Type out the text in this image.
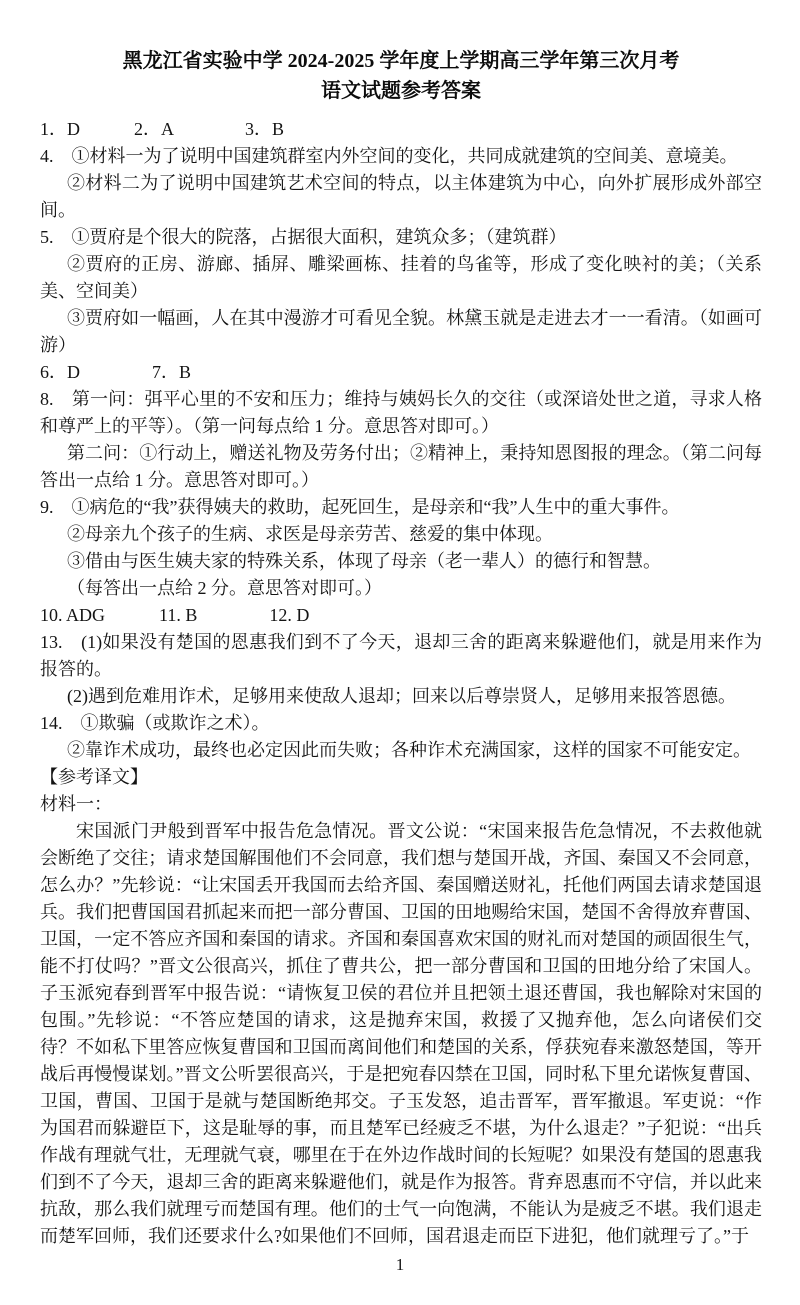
黑龙江省实验中学 2024-2025 学年度上学期高三学年第三次月考
语文试题参考答案

1．D　　　2．A　　　　3．B

4.　①材料一为了说明中国建筑群室内外空间的变化，共同成就建筑的空间美、意境美。

②材料二为了说明中国建筑艺术空间的特点，以主体建筑为中心，向外扩展形成外部空间。

5.　①贾府是个很大的院落，占据很大面积，建筑众多；（建筑群）

②贾府的正房、游廊、插屏、雕梁画栋、挂着的鸟雀等，形成了变化映衬的美；（关系美、空间美）

③贾府如一幅画，人在其中漫游才可看见全貌。林黛玉就是走进去才一一看清。（如画可游）

6．D　　　　7．B

8.　第一问：弭平心里的不安和压力；维持与姨妈长久的交往（或深谙处世之道，寻求人格和尊严上的平等）。（第一问每点给 1 分。意思答对即可。）

第二问：①行动上，赠送礼物及劳务付出；②精神上，秉持知恩图报的理念。（第二问每答出一点给 1 分。意思答对即可。）

9.　①病危的“我”获得姨夫的救助，起死回生，是母亲和“我”人生中的重大事件。

②母亲九个孩子的生病、求医是母亲劳苦、慈爱的集中体现。

③借由与医生姨夫家的特殊关系，体现了母亲（老一辈人）的德行和智慧。

（每答出一点给 2 分。意思答对即可。）

10. ADG　　　11. B　　　　12. D

13.　(1)如果没有楚国的恩惠我们到不了今天，退却三舍的距离来躲避他们，就是用来作为报答的。

(2)遇到危难用诈术，足够用来使敌人退却；回来以后尊崇贤人，足够用来报答恩德。

14.　①欺骗（或欺诈之术）。

②靠诈术成功，最终也必定因此而失败；各种诈术充满国家，这样的国家不可能安定。

【参考译文】

材料一：

宋国派门尹般到晋军中报告危急情况。晋文公说：“宋国来报告危急情况，不去救他就会断绝了交往；请求楚国解围他们不会同意，我们想与楚国开战，齐国、秦国又不会同意，怎么办？”先轸说：“让宋国丢开我国而去给齐国、秦国赠送财礼，托他们两国去请求楚国退兵。我们把曹国国君抓起来而把一部分曹国、卫国的田地赐给宋国，楚国不舍得放弃曹国、卫国，一定不答应齐国和秦国的请求。齐国和秦国喜欢宋国的财礼而对楚国的顽固很生气，能不打仗吗？”晋文公很高兴，抓住了曹共公，把一部分曹国和卫国的田地分给了宋国人。子玉派宛春到晋军中报告说：“请恢复卫侯的君位并且把领土退还曹国，我也解除对宋国的包围。”先轸说：“不答应楚国的请求，这是抛弃宋国，救援了又抛弃他，怎么向诸侯们交待？不如私下里答应恢复曹国和卫国而离间他们和楚国的关系，俘获宛春来激怒楚国，等开战后再慢慢谋划。”晋文公听罢很高兴，于是把宛春囚禁在卫国，同时私下里允诺恢复曹国、卫国，曹国、卫国于是就与楚国断绝邦交。子玉发怒，追击晋军，晋军撤退。军吏说：“作为国君而躲避臣下，这是耻辱的事，而且楚军已经疲乏不堪，为什么退走？”子犯说：“出兵作战有理就气壮，无理就气衰，哪里在于在外边作战时间的长短呢？如果没有楚国的恩惠我们到不了今天，退却三舍的距离来躲避他们，就是作为报答。背弃恩惠而不守信，并以此来抗敌，那么我们就理亏而楚国有理。他们的士气一向饱满，不能认为是疲乏不堪。我们退走而楚军回师，我们还要求什么?如果他们不回师，国君退走而臣下进犯，他们就理亏了。”于

1
